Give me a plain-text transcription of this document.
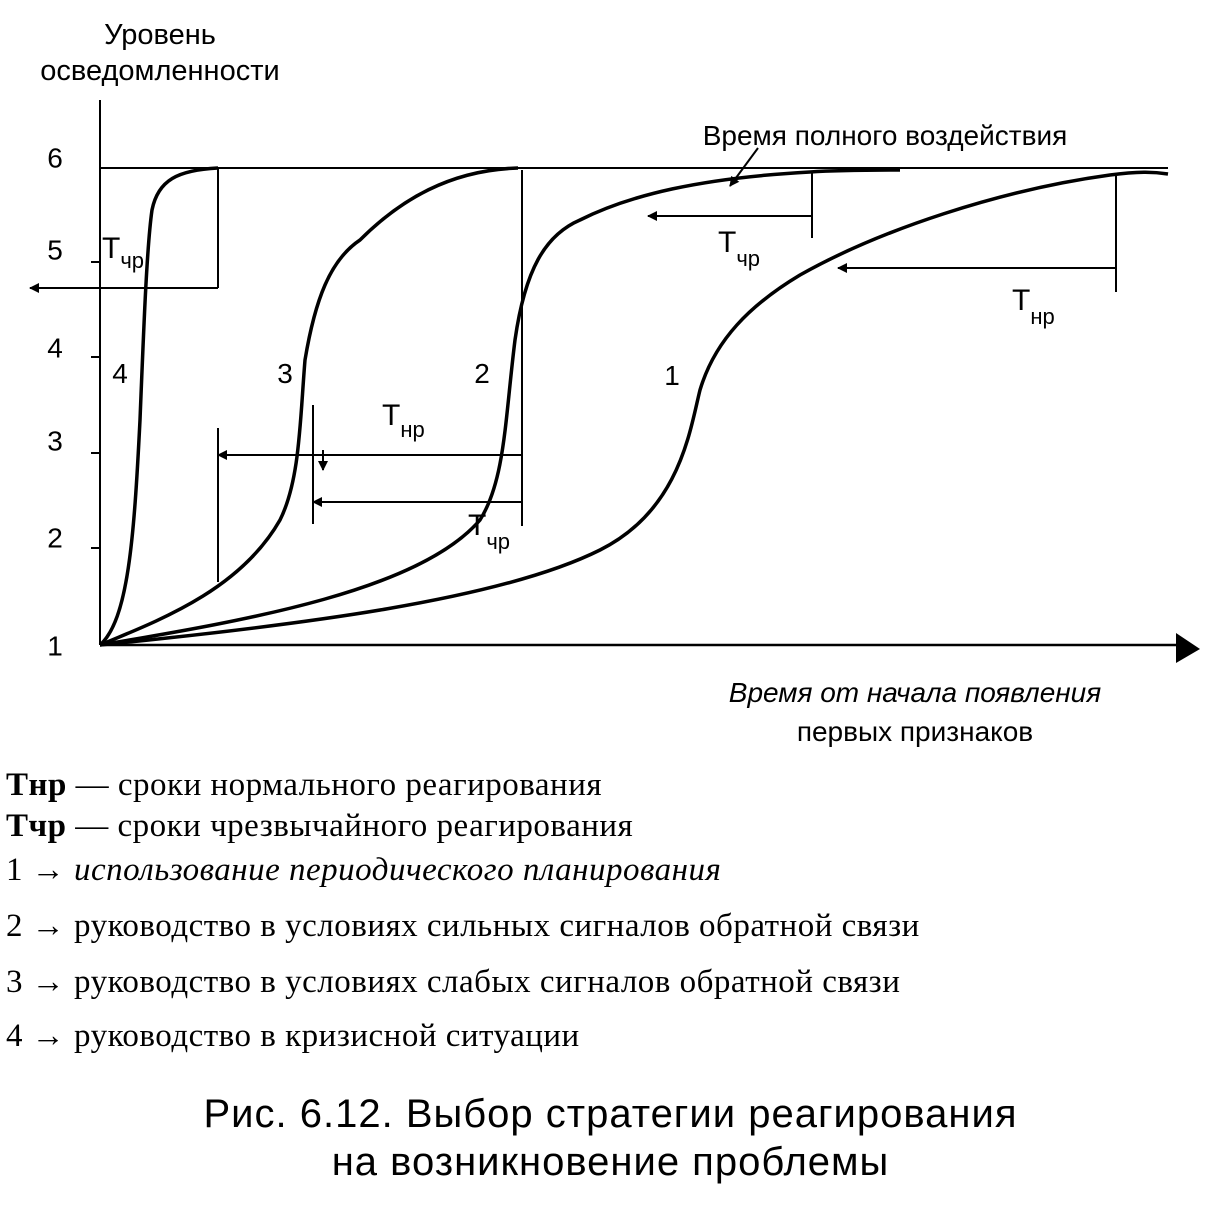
Уровень
осведомленности
1
2
3
4
5
6
Время от начала появления
первых признаков
Время полного воздействия
$Т_{чр}$
$Т_{нр}$
$Т_{чр}$
$Т_{чр}$
$Т_{нр}$
4	3	2	1
Тнр — сроки нормального реагирования
Тчр — сроки чрезвычайного реагирования
1 → использование периодического планирования
2 → руководство в условиях сильных сигналов обратной связи
3 → руководство в условиях слабых сигналов обратной связи
4 → руководство в кризисной ситуации
Рис. 6.12. Выбор стратегии реагирования
на возникновение проблемы
